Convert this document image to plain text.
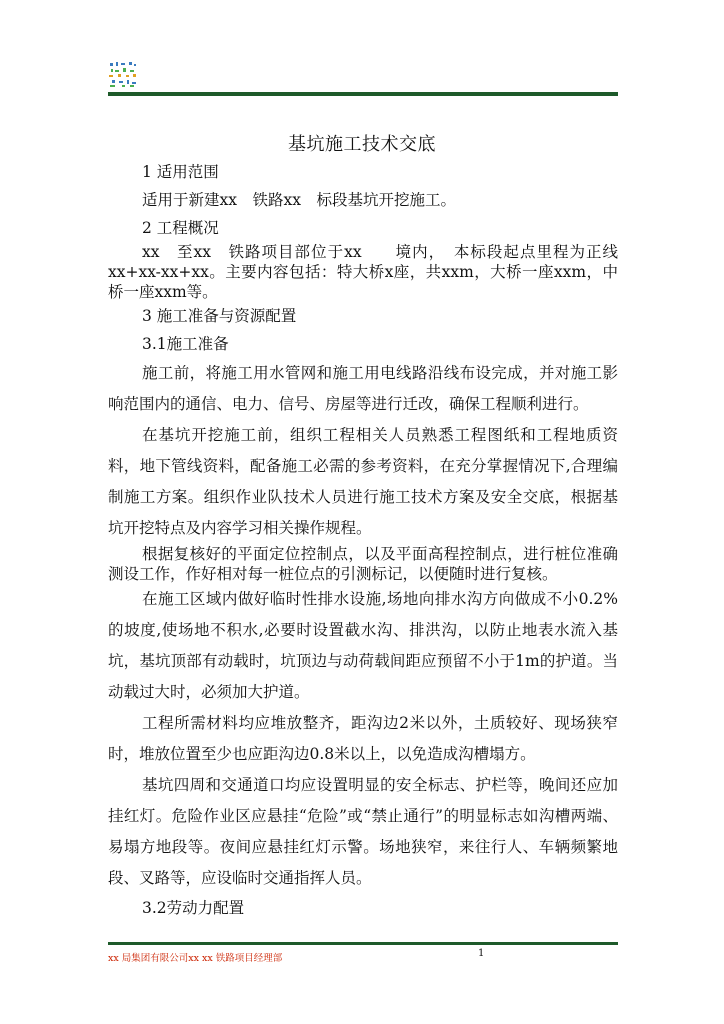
基坑施工技术交底

1 适用范围

适用于新建xx　铁路xx　标段基坑开挖施工。

2 工程概况

xx　至xx　铁路项目部位于xx　　境内，　本标段起点里程为正线xx+xx-xx+xx。主要内容包括：特大桥x座，共xxm，大桥一座xxm，中桥一座xxm等。

3 施工准备与资源配置

3.1施工准备

施工前，将施工用水管网和施工用电线路沿线布设完成，并对施工影响范围内的通信、电力、信号、房屋等进行迁改，确保工程顺利进行。

在基坑开挖施工前，组织工程相关人员熟悉工程图纸和工程地质资料，地下管线资料，配备施工必需的参考资料，在充分掌握情况下,合理编制施工方案。组织作业队技术人员进行施工技术方案及安全交底，根据基坑开挖特点及内容学习相关操作规程。

根据复核好的平面定位控制点，以及平面高程控制点，进行桩位准确测设工作，作好相对每一桩位点的引测标记，以便随时进行复核。

在施工区域内做好临时性排水设施,场地向排水沟方向做成不小0.2%的坡度,使场地不积水,必要时设置截水沟、排洪沟，以防止地表水流入基坑，基坑顶部有动载时，坑顶边与动荷载间距应预留不小于1m的护道。当动载过大时，必须加大护道。

工程所需材料均应堆放整齐，距沟边2米以外，土质较好、现场狭窄时，堆放位置至少也应距沟边0.8米以上，以免造成沟槽塌方。

基坑四周和交通道口均应设置明显的安全标志、护栏等，晚间还应加挂红灯。危险作业区应悬挂“危险”或“禁止通行”的明显标志如沟槽两端、易塌方地段等。夜间应悬挂红灯示警。场地狭窄，来往行人、车辆频繁地段、叉路等，应设临时交通指挥人员。

3.2劳动力配置

xx 局集团有限公司xx xx 铁路项目经理部	1
